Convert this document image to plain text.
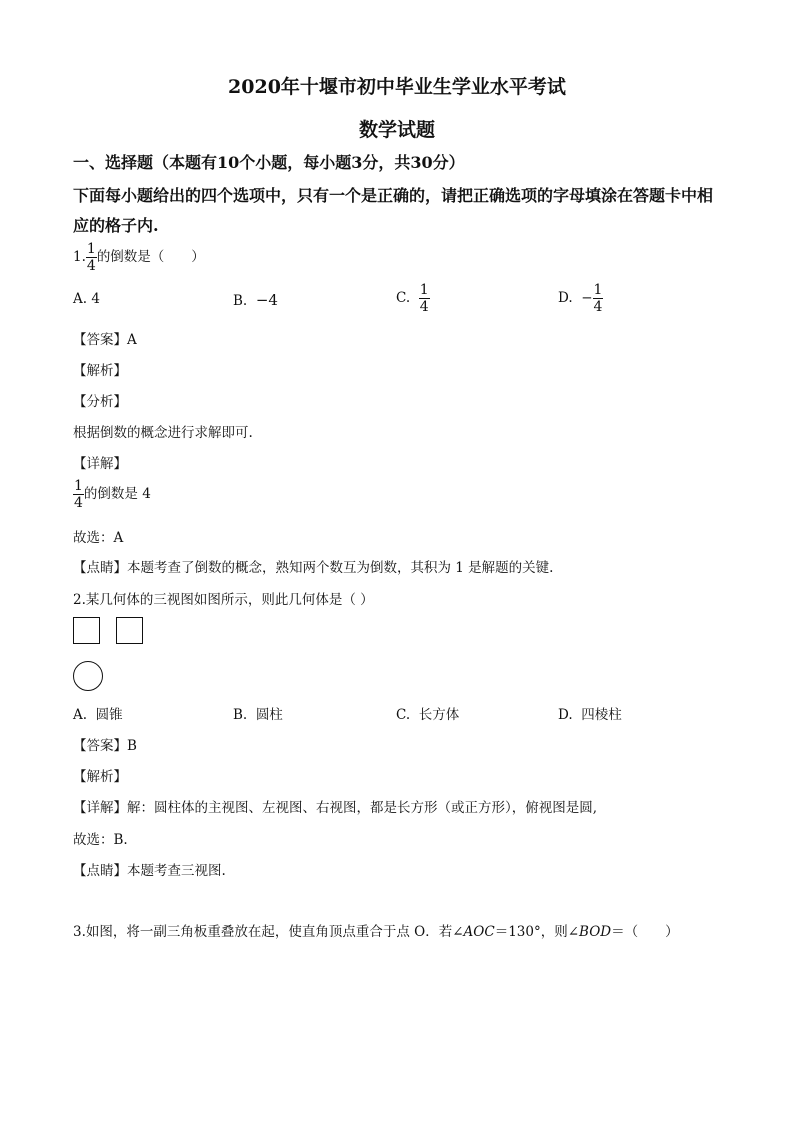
2020年十堰市初中毕业生学业水平考试
数学试题
一、选择题（本题有10个小题，每小题3分，共30分）
下面每小题给出的四个选项中，只有一个是正确的，请把正确选项的字母填涂在答题卡中相
应的格子内.
1. $\frac{1}{4}$ 的倒数是（　　）
A. 4	B. −4	C. $\frac{1}{4}$	D. − $\frac{1}{4}$
【答案】A
【解析】
【分析】
根据倒数的概念进行求解即可.
【详解】
$\frac{1}{4}$ 的倒数是 4
故选：A
【点睛】本题考查了倒数的概念，熟知两个数互为倒数，其积为 1 是解题的关键.
2.某几何体的三视图如图所示，则此几何体是（ ）
A. 圆锥	B. 圆柱	C. 长方体	D. 四棱柱
【答案】B
【解析】
【详解】解：圆柱体的主视图、左视图、右视图，都是长方形（或正方形），俯视图是圆,
故选：B.
【点睛】本题考查三视图.
3.如图，将一副三角板重叠放在起，使直角顶点重合于点 O．若∠AOC＝130°，则∠BOD＝（　　）
